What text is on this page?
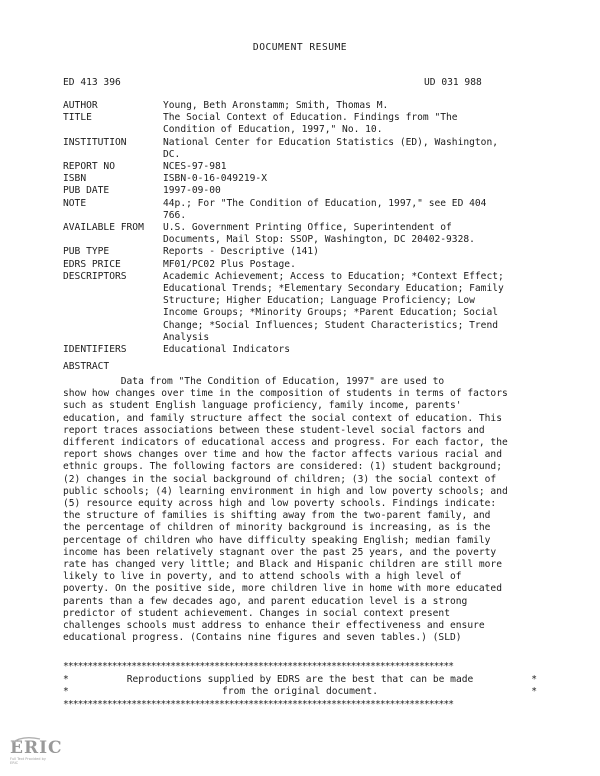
DOCUMENT RESUME
ED 413 396	UD 031 988
AUTHOR	Young, Beth Aronstamm; Smith, Thomas M.
TITLE	The Social Context of Education. Findings from "The
Condition of Education, 1997," No. 10.
INSTITUTION	National Center for Education Statistics (ED), Washington,
DC.
REPORT NO	NCES-97-981
ISBN	ISBN-0-16-049219-X
PUB DATE	1997-09-00
NOTE	44p.; For "The Condition of Education, 1997," see ED 404
766.
AVAILABLE FROM	U.S. Government Printing Office, Superintendent of
Documents, Mail Stop: SSOP, Washington, DC 20402-9328.
PUB TYPE	Reports - Descriptive (141)
EDRS PRICE	MF01/PC02 Plus Postage.
DESCRIPTORS	Academic Achievement; Access to Education; *Context Effect;
Educational Trends; *Elementary Secondary Education; Family
Structure; Higher Education; Language Proficiency; Low
Income Groups; *Minority Groups; *Parent Education; Social
Change; *Social Influences; Student Characteristics; Trend
Analysis
IDENTIFIERS	Educational Indicators
ABSTRACT
Data from "The Condition of Education, 1997" are used to
show how changes over time in the composition of students in terms of factors
such as student English language proficiency, family income, parents'
education, and family structure affect the social context of education. This
report traces associations between these student-level social factors and
different indicators of educational access and progress. For each factor, the
report shows changes over time and how the factor affects various racial and
ethnic groups. The following factors are considered: (1) student background;
(2) changes in the social background of children; (3) the social context of
public schools; (4) learning environment in high and low poverty schools; and
(5) resource equity across high and low poverty schools. Findings indicate:
the structure of families is shifting away from the two-parent family, and
the percentage of children of minority background is increasing, as is the
percentage of children who have difficulty speaking English; median family
income has been relatively stagnant over the past 25 years, and the poverty
rate has changed very little; and Black and Hispanic children are still more
likely to live in poverty, and to attend schools with a high level of
poverty. On the positive side, more children live in home with more educated
parents than a few decades ago, and parent education level is a strong
predictor of student achievement. Changes in social context present
challenges schools must address to enhance their effectiveness and ensure
educational progress. (Contains nine figures and seven tables.) (SLD)
********************************************************************************
*	Reproductions supplied by EDRS are the best that can be made	*
*	from the original document.	*
********************************************************************************
ERIC
Full Text Provided by ERIC
